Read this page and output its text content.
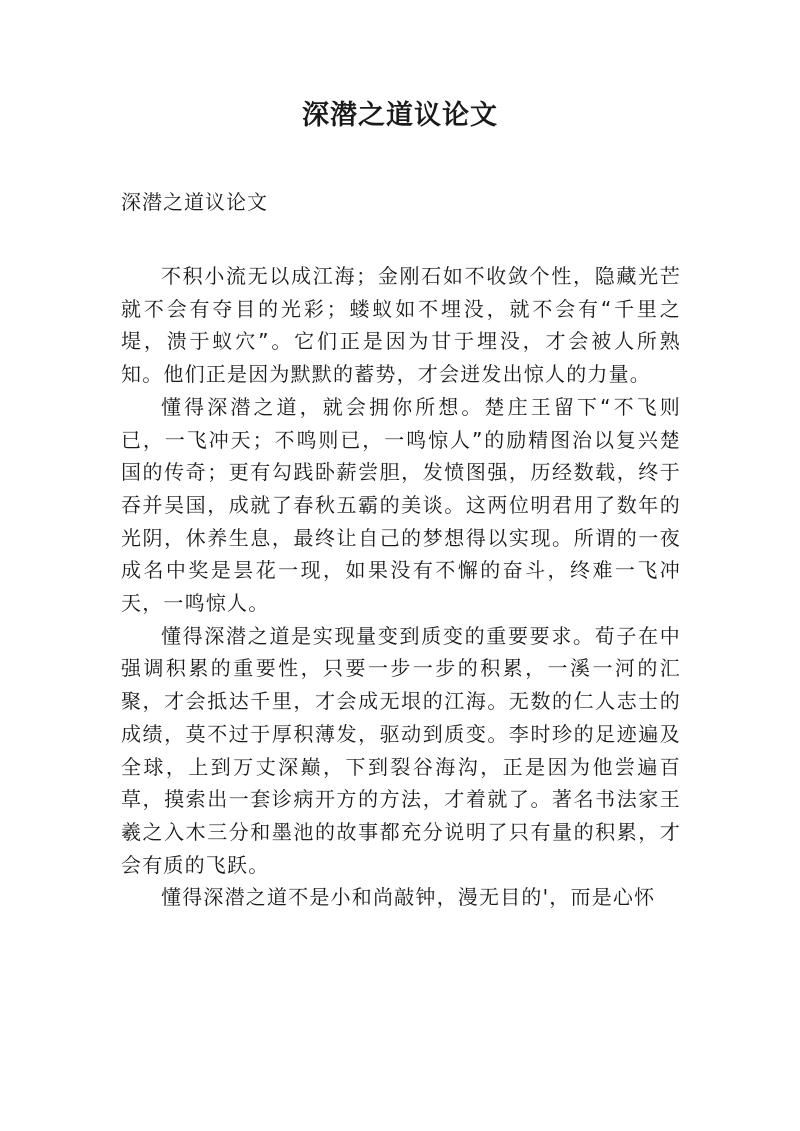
深潜之道议论文
深潜之道议论文

不积小流无以成江海；金刚石如不收敛个性，隐藏光芒就不会有夺目的光彩；蝼蚁如不埋没，就不会有“千里之堤，溃于蚁穴”。它们正是因为甘于埋没，才会被人所熟知。他们正是因为默默的蓄势，才会迸发出惊人的力量。

懂得深潜之道，就会拥你所想。楚庄王留下“不飞则已，一飞冲天；不鸣则已，一鸣惊人”的励精图治以复兴楚国的传奇；更有勾践卧薪尝胆，发愤图强，历经数载，终于吞并吴国，成就了春秋五霸的美谈。这两位明君用了数年的光阴，休养生息，最终让自己的梦想得以实现。所谓的一夜成名中奖是昙花一现，如果没有不懈的奋斗，终难一飞冲天，一鸣惊人。

懂得深潜之道是实现量变到质变的重要要求。荀子在中强调积累的重要性，只要一步一步的积累，一溪一河的汇聚，才会抵达千里，才会成无垠的江海。无数的仁人志士的成绩，莫不过于厚积薄发，驱动到质变。李时珍的足迹遍及全球，上到万丈深巅，下到裂谷海沟，正是因为他尝遍百草，摸索出一套诊病开方的方法，才着就了。著名书法家王羲之入木三分和墨池的故事都充分说明了只有量的积累，才会有质的飞跃。

懂得深潜之道不是小和尚敲钟，漫无目的'，而是心怀
